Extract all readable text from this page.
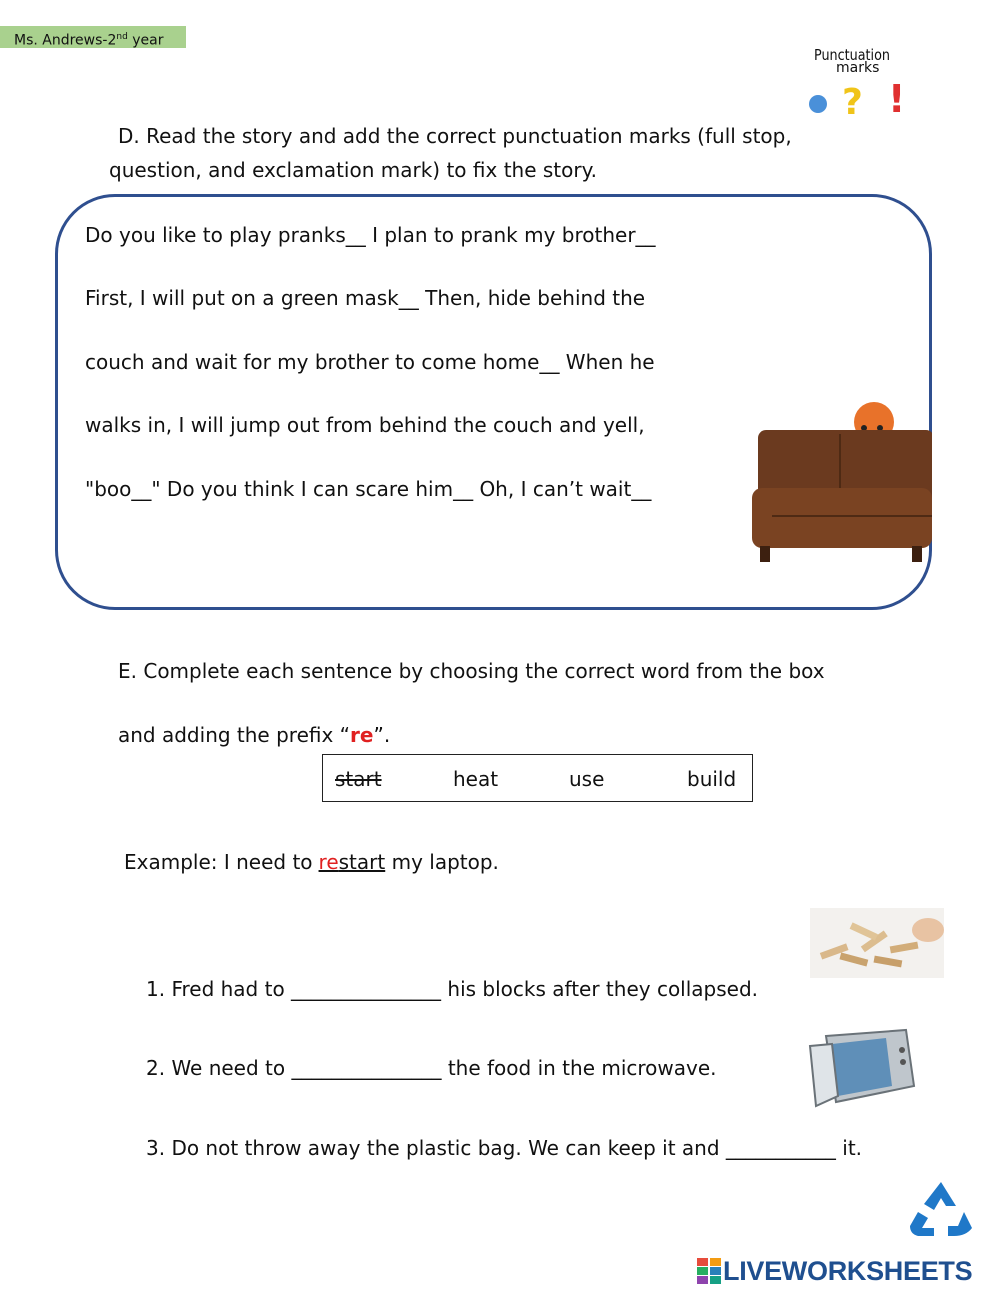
Ms. Andrews-2nd year
Punctuation
marks
? !
D. Read the story and add the correct punctuation marks (full stop,
question, and exclamation mark) to fix the story.
Do you like to play pranks__ I plan to prank my brother__
First, I will put on a green mask__ Then, hide behind the
couch and wait for my brother to come home__ When he
walks in, I will jump out from behind the couch and yell,
"boo__" Do you think I can scare him__ Oh, I can’t wait__
E. Complete each sentence by choosing the correct word from the box
and adding the prefix “re”.
start	heat	use	build
Example: I need to restart my laptop.
1. Fred had to _______________ his blocks after they collapsed.
2. We need to _______________ the food in the microwave.
3. Do not throw away the plastic bag. We can keep it and ___________ it.
LIVEWORKSHEETS
